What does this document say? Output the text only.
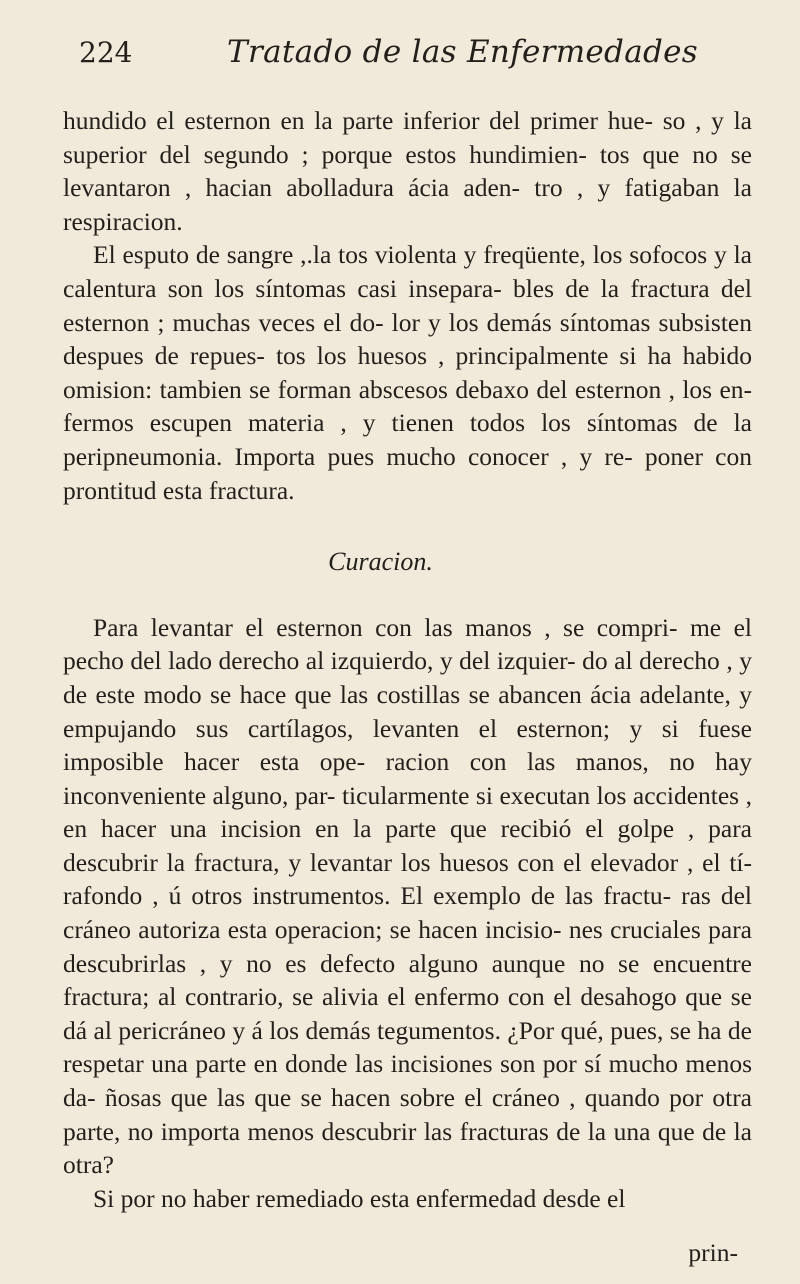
224	Tratado de las Enfermedades

hundido el esternon en la parte inferior del primer hue- so , y la superior del segundo ; porque estos hundimien- tos que no se levantaron , hacian abolladura ácia aden- tro , y fatigaban la respiracion.

El esputo de sangre ,.la tos violenta y freqüente, los sofocos y la calentura son los síntomas casi insepara- bles de la fractura del esternon ; muchas veces el do- lor y los demás síntomas subsisten despues de repues- tos los huesos , principalmente si ha habido omision: tambien se forman abscesos debaxo del esternon , los en- fermos escupen materia , y tienen todos los síntomas de la peripneumonia. Importa pues mucho conocer , y re- poner con prontitud esta fractura.

Curacion.

Para levantar el esternon con las manos , se compri- me el pecho del lado derecho al izquierdo, y del izquier- do al derecho , y de este modo se hace que las costillas se abancen ácia adelante, y empujando sus cartílagos, levanten el esternon; y si fuese imposible hacer esta ope- racion con las manos, no hay inconveniente alguno, par- ticularmente si executan los accidentes , en hacer una incision en la parte que recibió el golpe , para descubrir la fractura, y levantar los huesos con el elevador , el tí- rafondo , ú otros instrumentos. El exemplo de las fractu- ras del cráneo autoriza esta operacion; se hacen incisio- nes cruciales para descubrirlas , y no es defecto alguno aunque no se encuentre fractura; al contrario, se alivia el enfermo con el desahogo que se dá al pericráneo y á los demás tegumentos. ¿Por qué, pues, se ha de respetar una parte en donde las incisiones son por sí mucho menos da- ñosas que las que se hacen sobre el cráneo , quando por otra parte, no importa menos descubrir las fracturas de la una que de la otra?

Si por no haber remediado esta enfermedad desde el

prin-
